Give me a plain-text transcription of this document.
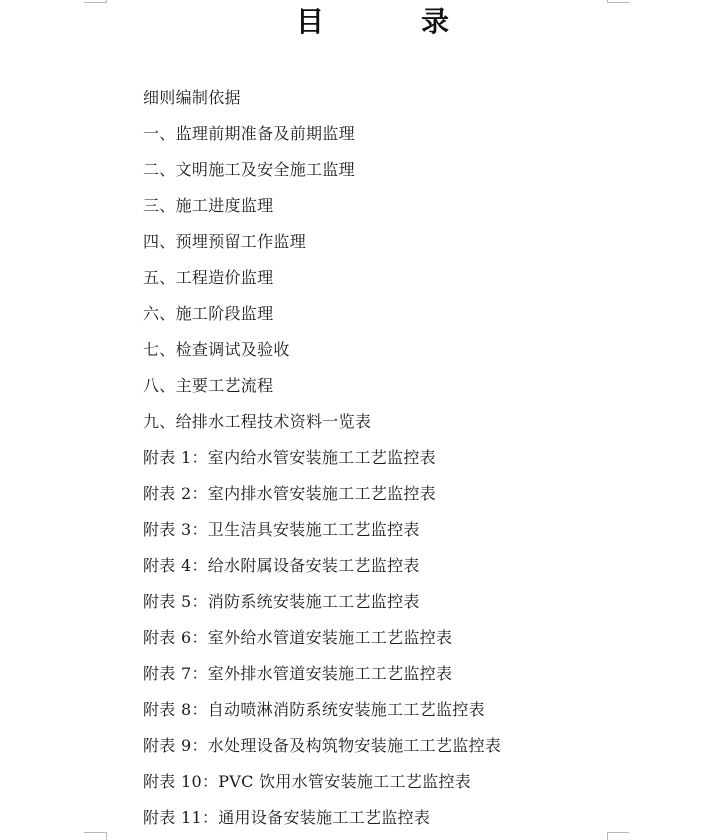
目	录
细则编制依据
一、监理前期准备及前期监理
二、文明施工及安全施工监理
三、施工进度监理
四、预埋预留工作监理
五、工程造价监理
六、施工阶段监理
七、检查调试及验收
八、主要工艺流程
九、给排水工程技术资料一览表
附表 1：室内给水管安装施工工艺监控表
附表 2：室内排水管安装施工工艺监控表
附表 3：卫生洁具安装施工工艺监控表
附表 4：给水附属设备安装工艺监控表
附表 5：消防系统安装施工工艺监控表
附表 6：室外给水管道安装施工工艺监控表
附表 7：室外排水管道安装施工工艺监控表
附表 8：自动喷淋消防系统安装施工工艺监控表
附表 9：水处理设备及构筑物安装施工工艺监控表
附表 10：PVC 饮用水管安装施工工艺监控表
附表 11：通用设备安装施工工艺监控表
